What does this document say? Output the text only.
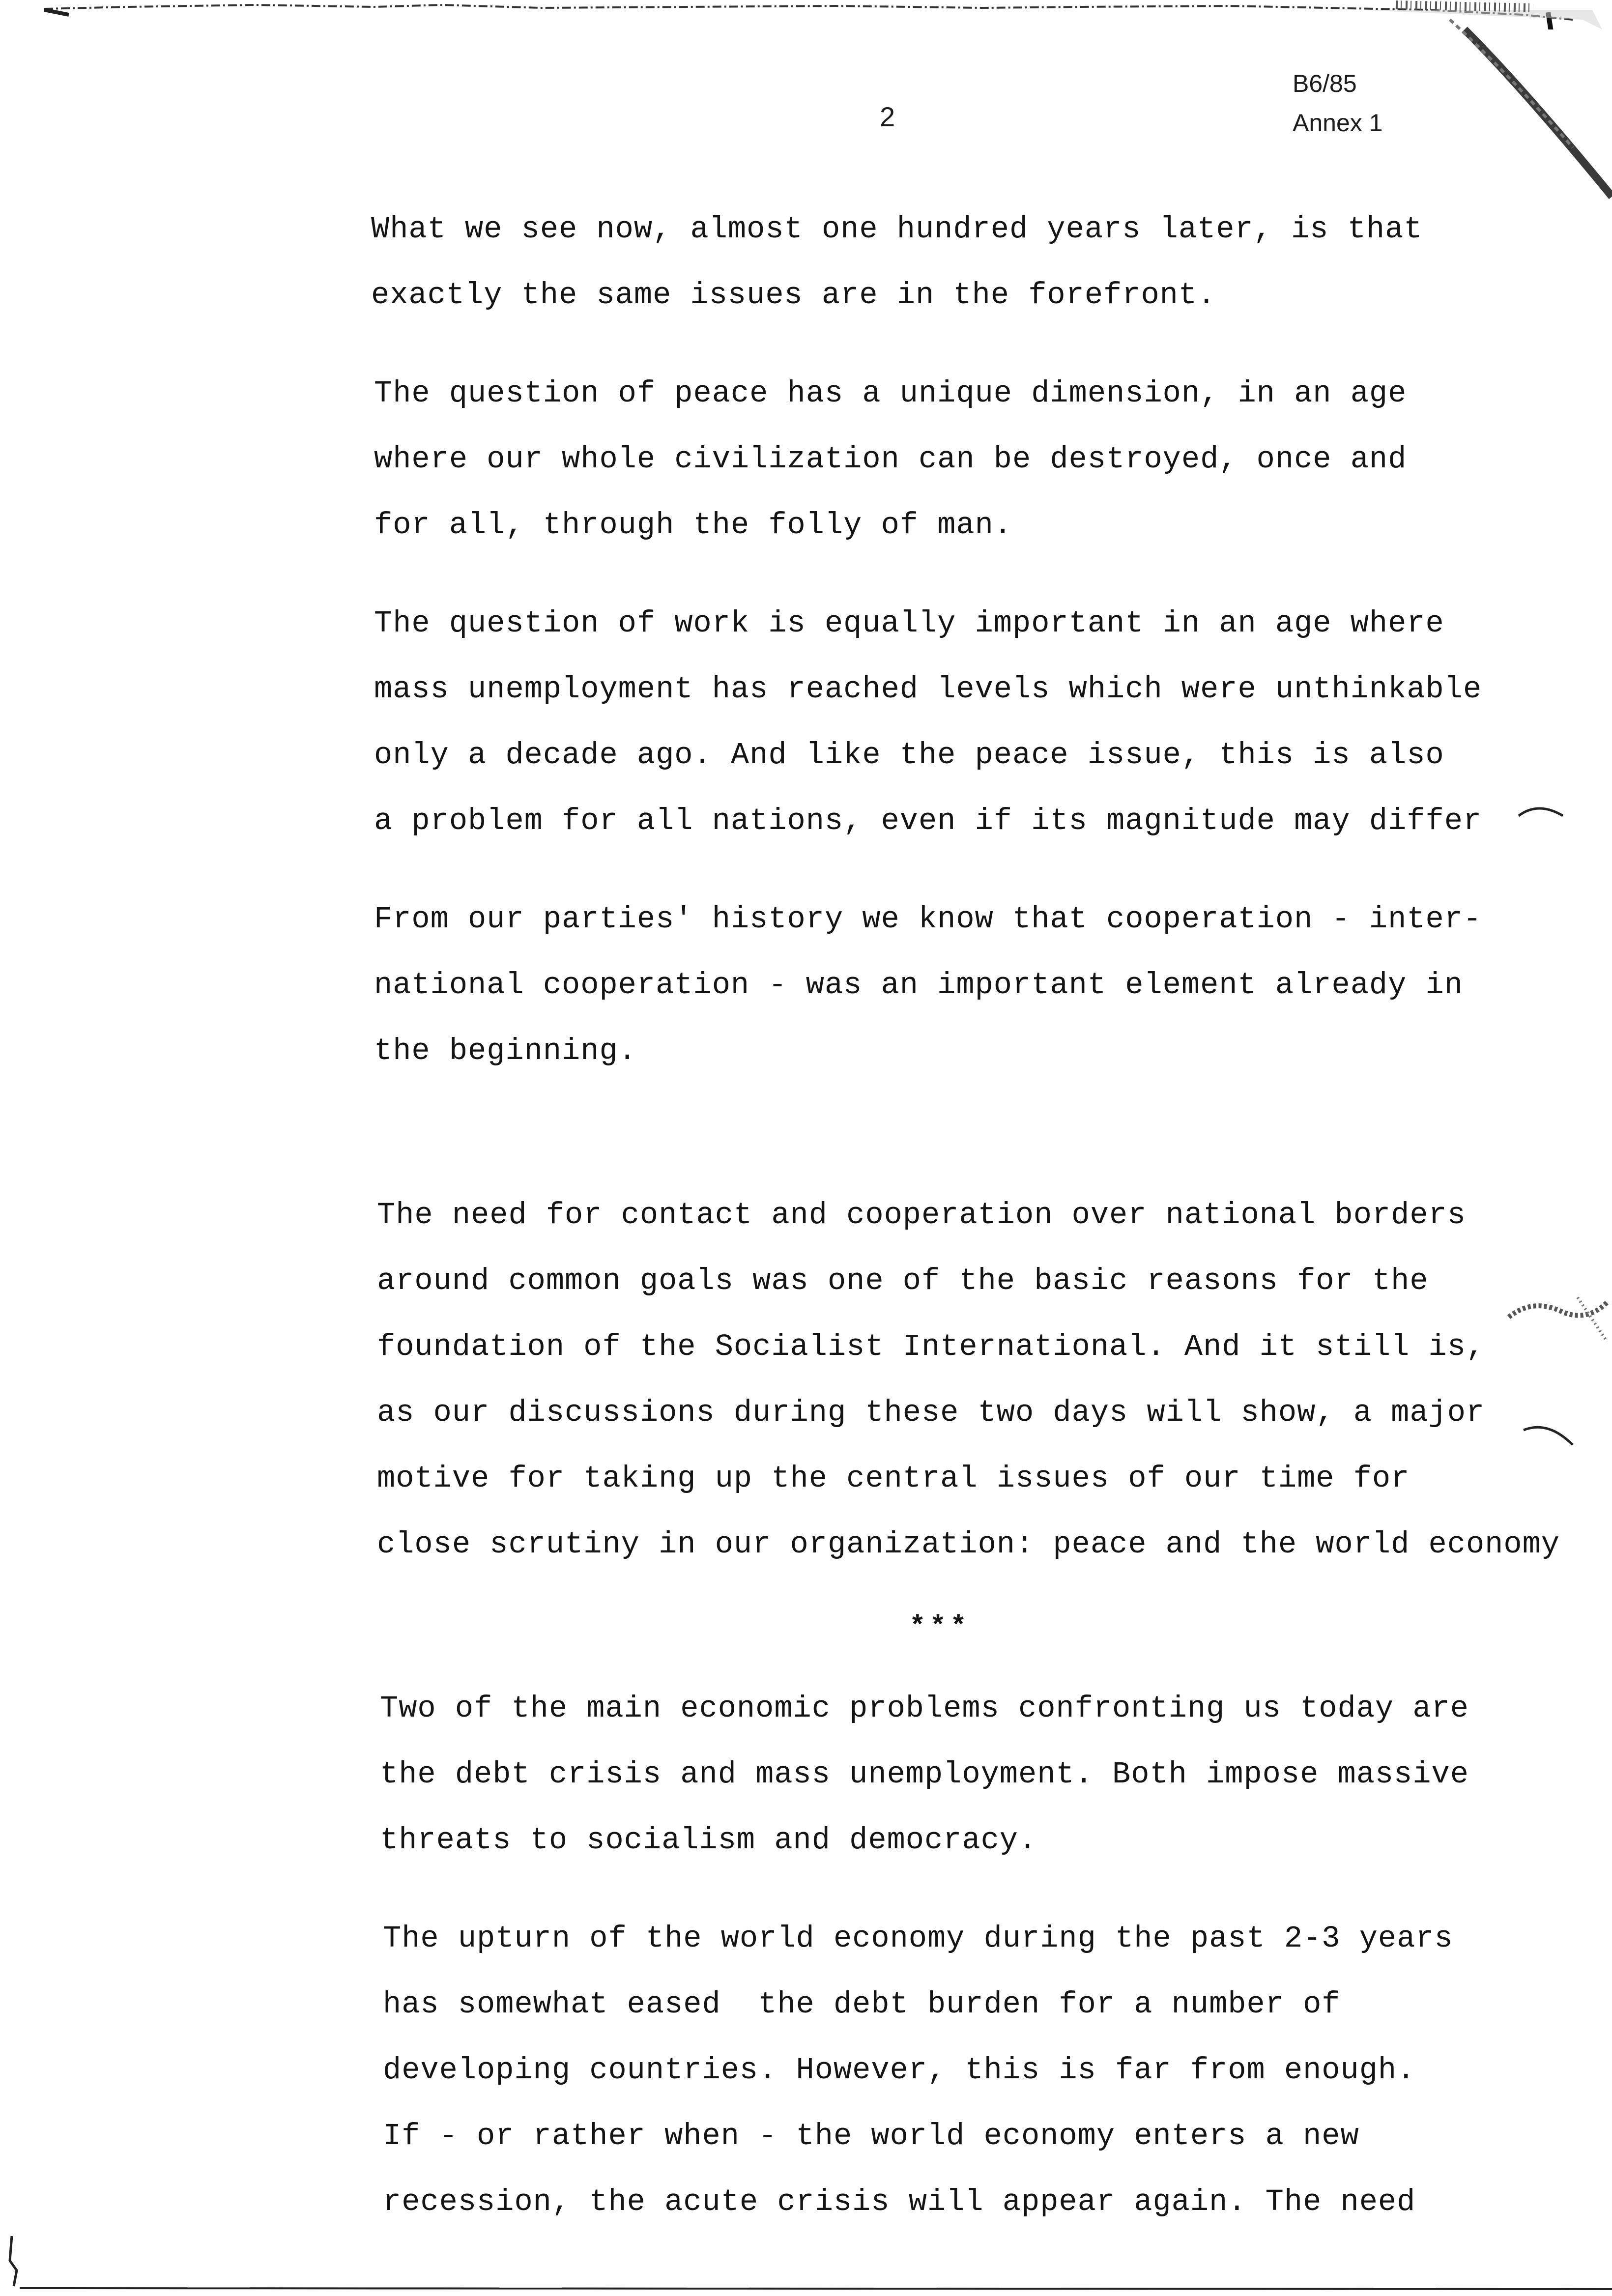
B6/85
Annex 1
2
What we see now, almost one hundred years later, is that
exactly the same issues are in the forefront.
The question of peace has a unique dimension, in an age
where our whole civilization can be destroyed, once and
for all, through the folly of man.
The question of work is equally important in an age where
mass unemployment has reached levels which were unthinkable
only a decade ago. And like the peace issue, this is also
a problem for all nations, even if its magnitude may differ
From our parties' history we know that cooperation - inter-
national cooperation - was an important element already in
the beginning.
The need for contact and cooperation over national borders
around common goals was one of the basic reasons for the
foundation of the Socialist International. And it still is,
as our discussions during these two days will show, a major
motive for taking up the central issues of our time for
close scrutiny in our organization: peace and the world economy
***
Two of the main economic problems confronting us today are
the debt crisis and mass unemployment. Both impose massive
threats to socialism and democracy.
The upturn of the world economy during the past 2-3 years
has somewhat eased  the debt burden for a number of
developing countries. However, this is far from enough.
If - or rather when - the world economy enters a new
recession, the acute crisis will appear again. The need
